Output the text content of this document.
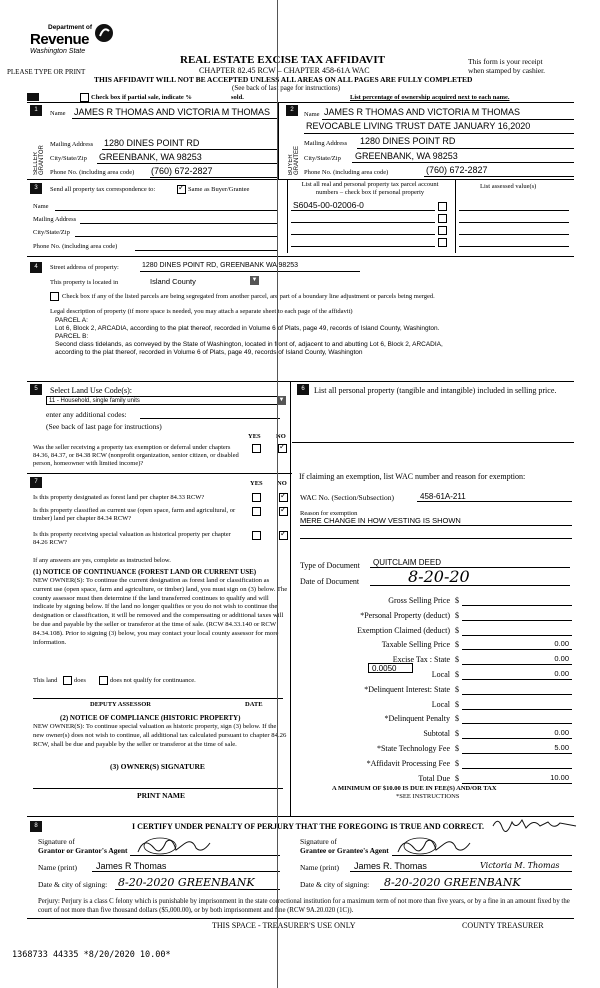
Department of
Revenue
Washington State
REAL ESTATE EXCISE TAX AFFIDAVIT
CHAPTER 82.45 RCW – CHAPTER 458-61A WAC
THIS AFFIDAVIT WILL NOT BE ACCEPTED UNLESS ALL AREAS ON ALL PAGES ARE FULLY COMPLETED
(See back of last page for instructions)
PLEASE TYPE OR PRINT
This form is your receipt
when stamped by cashier.
Check box if partial sale, indicate %	sold.	List percentage of ownership acquired next to each name.
1
SELLER GRANTOR
Name JAMES R THOMAS AND VICTORIA M THOMAS
Mailing Address 1280 DINES POINT RD
City/State/Zip GREENBANK, WA 98253
Phone No. (including area code) (760) 672-2827
2
BUYER GRANTEE
Name JAMES R THOMAS AND VICTORIA M THOMAS
REVOCABLE LIVING TRUST DATE JANUARY 16,2020
Mailing Address 1280 DINES POINT RD
City/State/Zip GREENBANK, WA 98253
Phone No. (including area code)	(760) 672-2827
3	Send all property tax correspondence to:
✓	Same as Buyer/Grantee
List all real and personal property tax parcel account numbers – check box if personal property
List assessed value(s)
Name
Mailing Address
City/State/Zip
Phone No. (including area code)
S6045-00-02006-0
4	Street address of property:	1280 DINES POINT RD, GREENBANK WA 98253
This property is located in	Island County	▼
Check box if any of the listed parcels are being segregated from another parcel, are part of a boundary line adjustment or parcels being merged.
Legal description of property (if more space is needed, you may attach a separate sheet to each page of the affidavit)
PARCEL A:
Lot 6, Block 2, ARCADIA, according to the plat thereof, recorded in Volume 6 of Plats, page 49, records of Island County, Washington.
PARCEL B:
Second class tidelands, as conveyed by the State of Washington, located in front of, adjacent to and abutting Lot 6, Block 2, ARCADIA,
according to the plat thereof, recorded in Volume 6 of Plats, page 49, records of Island County, Washington
5	Select Land Use Code(s):
11 - Household, single family units	▼
enter any additional codes:
(See back of last page for instructions)
YES NO
Was the seller receiving a property tax exemption or deferral under chapters 84.36, 84.37, or 84.38 RCW (nonprofit organization, senior citizen, or disabled person, homeowner with limited income)?
✓
6	List all personal property (tangible and intangible) included in selling price.
7	YES NO
Is this property designated as forest land per chapter 84.33 RCW?
✓
Is this property classified as current use (open space, farm and agricultural, or timber) land per chapter 84.34 RCW?
✓
Is this property receiving special valuation as historical property per chapter 84.26 RCW?
✓
If any answers are yes, complete as instructed below.
(1) NOTICE OF CONTINUANCE (FOREST LAND OR CURRENT USE)
NEW OWNER(S): To continue the current designation as forest land or classification as current use (open space, farm and agriculture, or timber) land, you must sign on (3) below. The county assessor must then determine if the land transferred continues to qualify and will indicate by signing below. If the land no longer qualifies or you do not wish to continue the designation or classification, it will be removed and the compensating or additional taxes will be due and payable by the seller or transferor at the time of sale. (RCW 84.33.140 or RCW 84.34.108). Prior to signing (3) below, you may contact your local county assessor for more information.
This land	does	does not qualify for continuance.
DEPUTY ASSESSOR	DATE
(2) NOTICE OF COMPLIANCE (HISTORIC PROPERTY)
NEW OWNER(S): To continue special valuation as historic property, sign (3) below. If the new owner(s) does not wish to continue, all additional tax calculated pursuant to chapter 84.26 RCW, shall be due and payable by the seller or transferor at the time of sale.
(3) OWNER(S) SIGNATURE
PRINT NAME
If claiming an exemption, list WAC number and reason for exemption:
WAC No. (Section/Subsection)	458-61A-211
Reason for exemption
MERE CHANGE IN HOW VESTING IS SHOWN
Type of Document QUITCLAIM DEED
Date of Document	8-20-20
Gross Selling Price $
*Personal Property (deduct) $
Exemption Claimed (deduct) $
Taxable Selling Price $	0.00
Excise Tax : State $	0.00
Local $	0.00
*Delinquent Interest: State $
Local $
*Delinquent Penalty $
Subtotal $	0.00
*State Technology Fee $	5.00
*Affidavit Processing Fee $
Total Due $	10.00
0.0050
A MINIMUM OF $10.00 IS DUE IN FEE(S) AND/OR TAX
*SEE INSTRUCTIONS
8	I CERTIFY UNDER PENALTY OF PERJURY THAT THE FOREGOING IS TRUE AND CORRECT.
Signature of
Grantor or Grantor's Agent
Name (print) James R Thomas
Date & city of signing: 8-20-2020 GREENBANK
Signature of
Grantee or Grantee's Agent
Name (print) James R. Thomas	Victoria M. Thomas
Date & city of signing: 8-20-2020 GREENBANK
Perjury: Perjury is a class C felony which is punishable by imprisonment in the state correctional institution for a maximum term of not more than five years, or by a fine in an amount fixed by the court of not more than five thousand dollars ($5,000.00), or by both imprisonment and fine (RCW 9A.20.020 (1C)).
THIS SPACE - TREASURER'S USE ONLY	COUNTY TREASURER
1368733 44335 *8/20/2020 10.00*
